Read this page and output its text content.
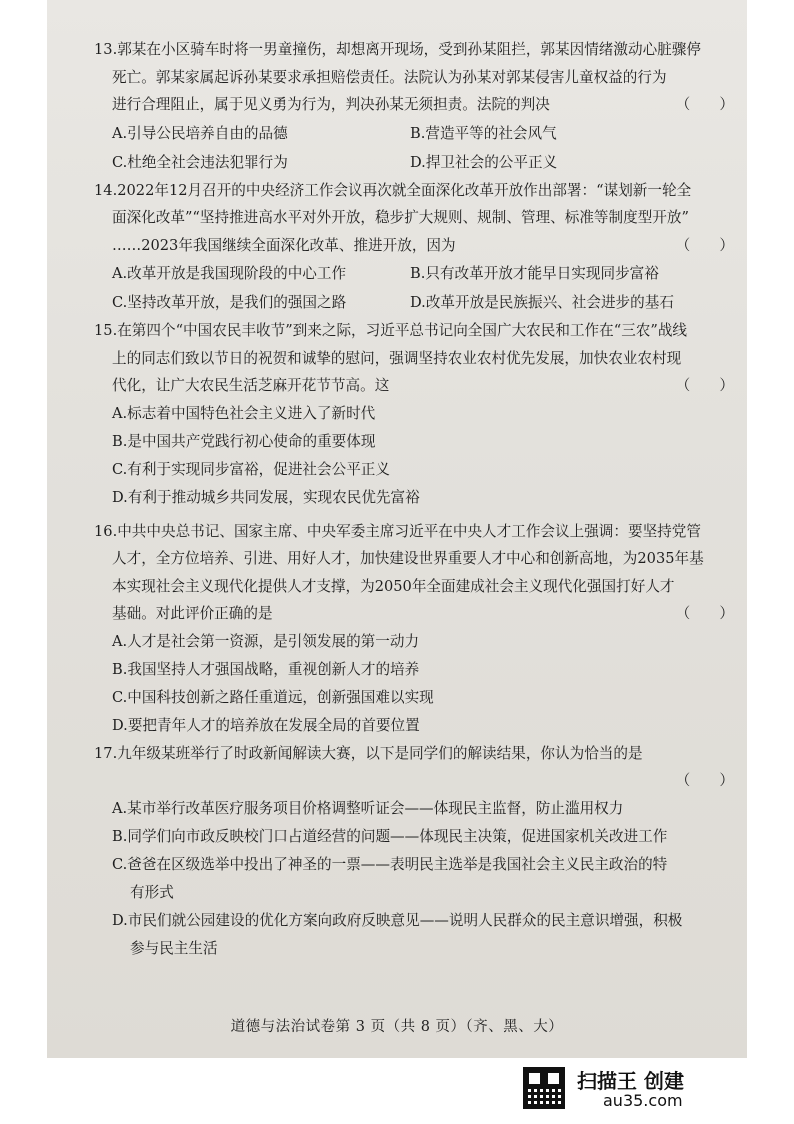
13.郭某在小区骑车时将一男童撞伤，却想离开现场，受到孙某阻拦，郭某因情绪激动心脏骤停
死亡。郭某家属起诉孙某要求承担赔偿责任。法院认为孙某对郭某侵害儿童权益的行为
进行合理阻止，属于见义勇为行为，判决孙某无须担责。法院的判决	（　　）
A.引导公民培养自由的品德	B.营造平等的社会风气
C.杜绝全社会违法犯罪行为	D.捍卫社会的公平正义
14.2022年12月召开的中央经济工作会议再次就全面深化改革开放作出部署：“谋划新一轮全
面深化改革”“坚持推进高水平对外开放，稳步扩大规则、规制、管理、标准等制度型开放”
……2023年我国继续全面深化改革、推进开放，因为	（　　）
A.改革开放是我国现阶段的中心工作	B.只有改革开放才能早日实现同步富裕
C.坚持改革开放，是我们的强国之路	D.改革开放是民族振兴、社会进步的基石
15.在第四个“中国农民丰收节”到来之际，习近平总书记向全国广大农民和工作在“三农”战线
上的同志们致以节日的祝贺和诚挚的慰问，强调坚持农业农村优先发展，加快农业农村现
代化，让广大农民生活芝麻开花节节高。这	（　　）
A.标志着中国特色社会主义进入了新时代
B.是中国共产党践行初心使命的重要体现
C.有利于实现同步富裕，促进社会公平正义
D.有利于推动城乡共同发展，实现农民优先富裕
16.中共中央总书记、国家主席、中央军委主席习近平在中央人才工作会议上强调：要坚持党管
人才，全方位培养、引进、用好人才，加快建设世界重要人才中心和创新高地，为2035年基
本实现社会主义现代化提供人才支撑，为2050年全面建成社会主义现代化强国打好人才
基础。对此评价正确的是	（　　）
A.人才是社会第一资源，是引领发展的第一动力
B.我国坚持人才强国战略，重视创新人才的培养
C.中国科技创新之路任重道远，创新强国难以实现
D.要把青年人才的培养放在发展全局的首要位置
17.九年级某班举行了时政新闻解读大赛，以下是同学们的解读结果，你认为恰当的是
（　　）
A.某市举行改革医疗服务项目价格调整听证会——体现民主监督，防止滥用权力
B.同学们向市政反映校门口占道经营的问题——体现民主决策，促进国家机关改进工作
C.爸爸在区级选举中投出了神圣的一票——表明民主选举是我国社会主义民主政治的特
有形式
D.市民们就公园建设的优化方案向政府反映意见——说明人民群众的民主意识增强，积极
参与民主生活
道德与法治试卷第 3 页（共 8 页）（齐、黑、大）
扫描王 创建
au35.com
